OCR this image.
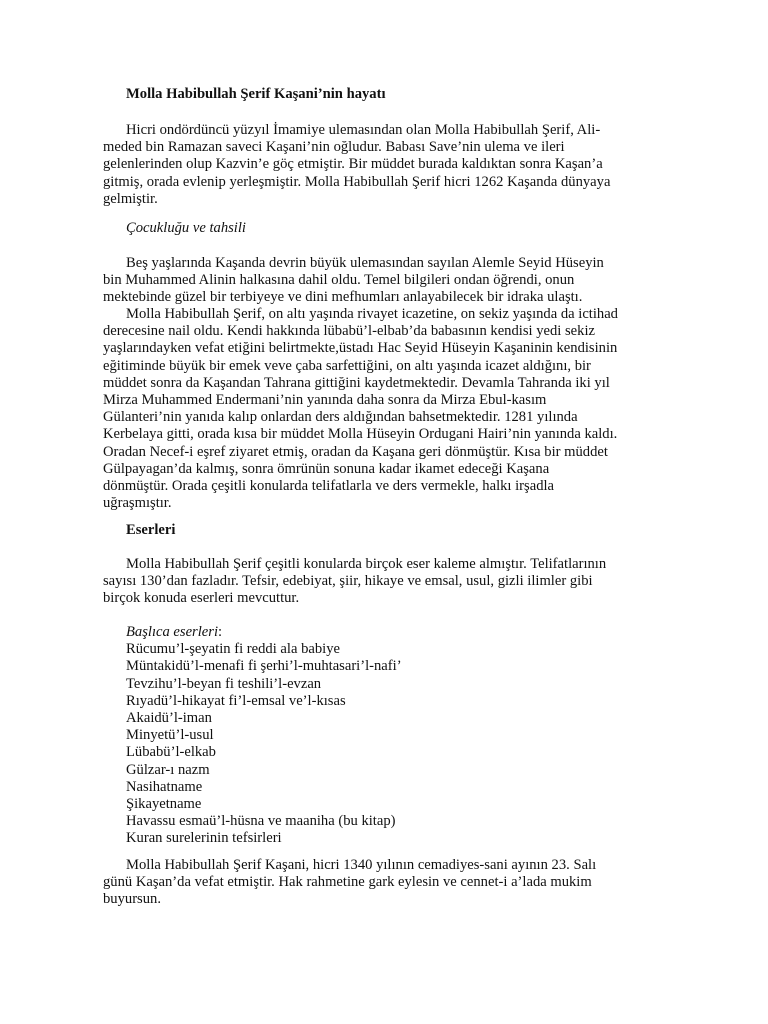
Molla Habibullah Şerif Kaşani’nin hayatı
Hicri ondördüncü yüzyıl İmamiye ulemasından olan Molla Habibullah Şerif, Ali-
meded bin Ramazan saveci Kaşani’nin oğludur. Babası Save’nin ulema ve ileri
gelenlerinden olup Kazvin’e göç etmiştir. Bir müddet burada kaldıktan sonra Kaşan’a
gitmiş, orada evlenip yerleşmiştir. Molla Habibullah Şerif hicri 1262 Kaşanda dünyaya
gelmiştir.
Çocukluğu ve tahsili
Beş yaşlarında Kaşanda devrin büyük ulemasından sayılan Alemle Seyid Hüseyin
bin Muhammed Alinin halkasına dahil oldu. Temel bilgileri ondan öğrendi, onun
mektebinde güzel bir terbiyeye ve dini mefhumları anlayabilecek bir idraka ulaştı.
Molla Habibullah Şerif, on altı yaşında rivayet icazetine, on sekiz yaşında da ictihad
derecesine nail oldu. Kendi hakkında lübabü’l-elbab’da babasının kendisi yedi sekiz
yaşlarındayken vefat etiğini belirtmekte,üstadı Hac Seyid Hüseyin Kaşaninin kendisinin
eğitiminde büyük bir emek veve çaba sarfettiğini, on altı yaşında icazet aldığını, bir
müddet sonra da Kaşandan Tahrana gittiğini kaydetmektedir. Devamla Tahranda iki yıl
Mirza Muhammed Endermani’nin yanında daha sonra da Mirza Ebul-kasım
Gülanteri’nin yanıda kalıp onlardan ders aldığından bahsetmektedir. 1281 yılında
Kerbelaya gitti, orada kısa bir müddet Molla Hüseyin Ordugani Hairi’nin yanında kaldı.
Oradan Necef-i eşref ziyaret etmiş, oradan da Kaşana geri dönmüştür. Kısa bir müddet
Gülpayagan’da kalmış, sonra ömrünün sonuna kadar ikamet edeceği Kaşana
dönmüştür. Orada çeşitli konularda telifatlarla ve ders vermekle, halkı irşadla
uğraşmıştır.
Eserleri
Molla Habibullah Şerif çeşitli konularda birçok eser kaleme almıştır. Telifatlarının
sayısı 130’dan fazladır. Tefsir, edebiyat, şiir, hikaye ve emsal, usul, gizli ilimler gibi
birçok konuda eserleri mevcuttur.
Başlıca eserleri:
Rücumu’l-şeyatin fi reddi ala babiye
Müntakidü’l-menafi fi şerhi’l-muhtasari’l-nafi’
Tevzihu’l-beyan fi teshili’l-evzan
Rıyadü’l-hikayat fi’l-emsal ve’l-kısas
Akaidü’l-iman
Minyetü’l-usul
Lübabü’l-elkab
Gülzar-ı nazm
Nasihatname
Şikayetname
Havassu esmaü’l-hüsna ve maaniha (bu kitap)
Kuran surelerinin tefsirleri
Molla Habibullah Şerif Kaşani, hicri 1340 yılının cemadiyes-sani ayının 23. Salı
günü Kaşan’da vefat etmiştir. Hak rahmetine gark eylesin ve cennet-i a’lada mukim
buyursun.
